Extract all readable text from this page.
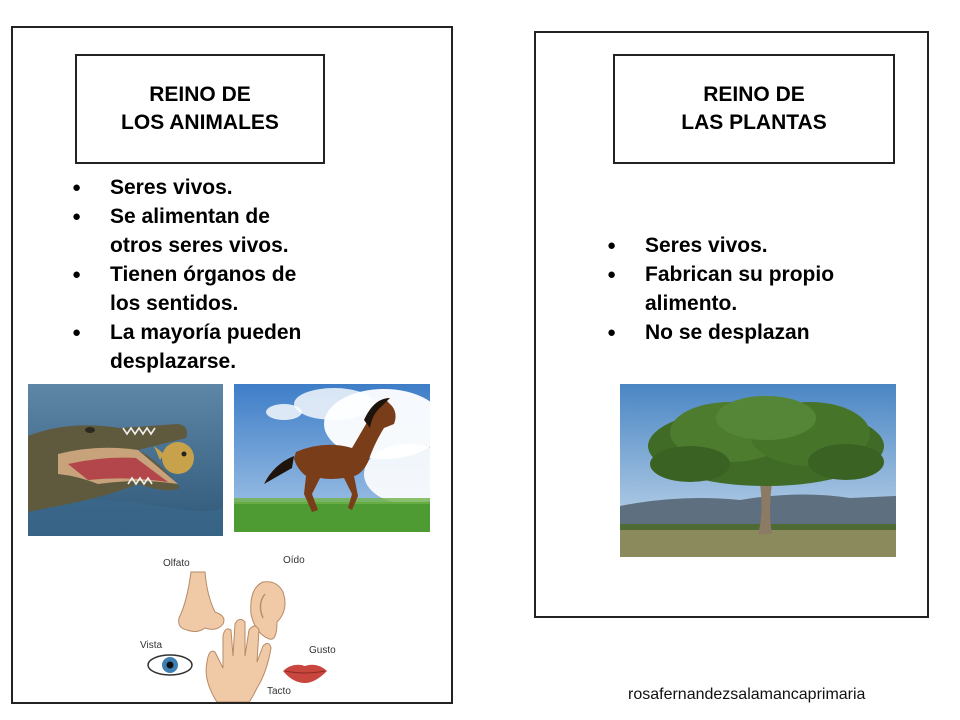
REINO DE
LOS ANIMALES
● Seres vivos.
● Se alimentan de
otros seres vivos.
● Tienen órganos de
los sentidos.
● La mayoría pueden
desplazarse.
Olfato	Oído
Vista	Gusto
Tacto
REINO DE
LAS PLANTAS
● Seres vivos.
● Fabrican su propio
alimento.
● No se desplazan
rosafernandezsalamancaprimaria
